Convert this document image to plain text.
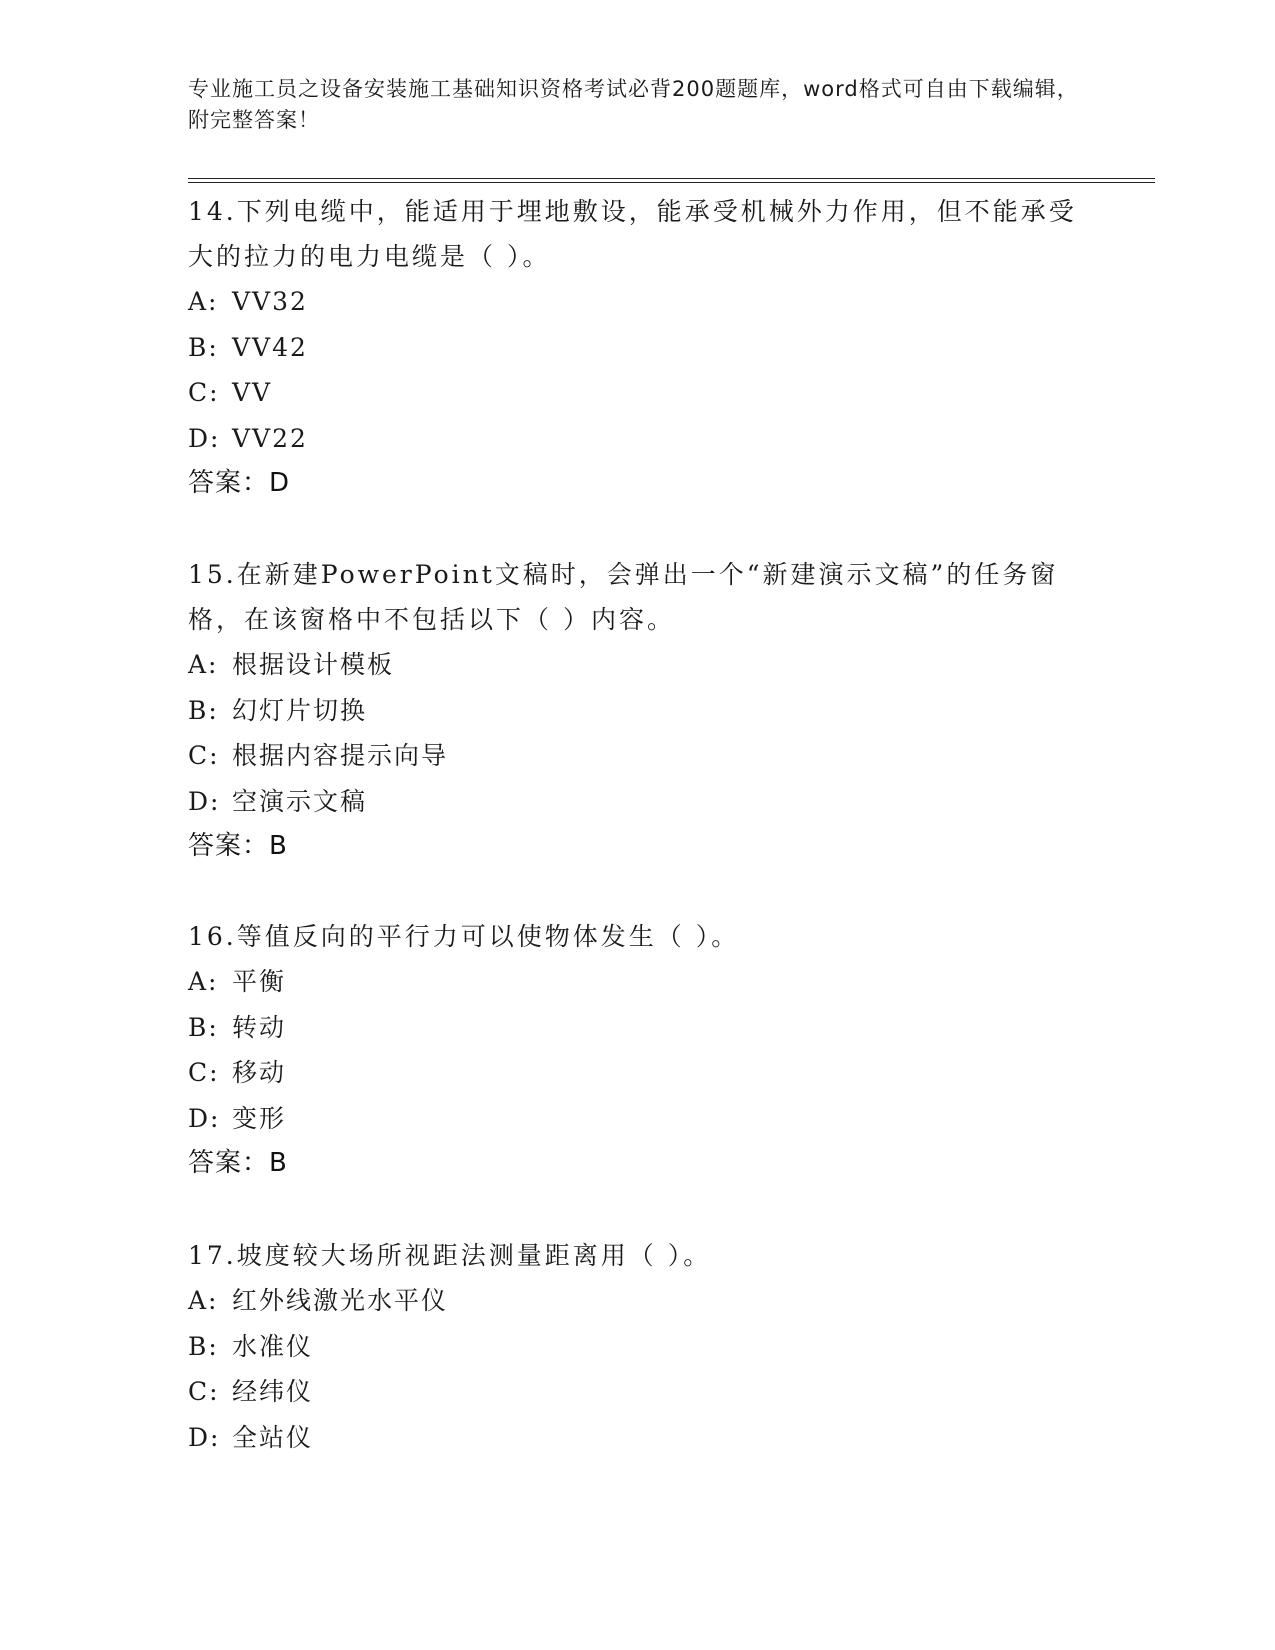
专业施工员之设备安装施工基础知识资格考试必背200题题库，word格式可自由下载编辑，附完整答案！

14.下列电缆中，能适用于埋地敷设，能承受机械外力作用，但不能承受大的拉力的电力电缆是（ ）。

A: VV32
B: VV42
C: VV
D: VV22
答案：D

15.在新建PowerPoint文稿时，会弹出一个“新建演示文稿”的任务窗格，在该窗格中不包括以下（ ）内容。

A: 根据设计模板
B: 幻灯片切换
C: 根据内容提示向导
D: 空演示文稿
答案：B

16.等值反向的平行力可以使物体发生（ ）。

A: 平衡
B: 转动
C: 移动
D: 变形
答案：B

17.坡度较大场所视距法测量距离用（ ）。

A: 红外线激光水平仪
B: 水准仪
C: 经纬仪
D: 全站仪
